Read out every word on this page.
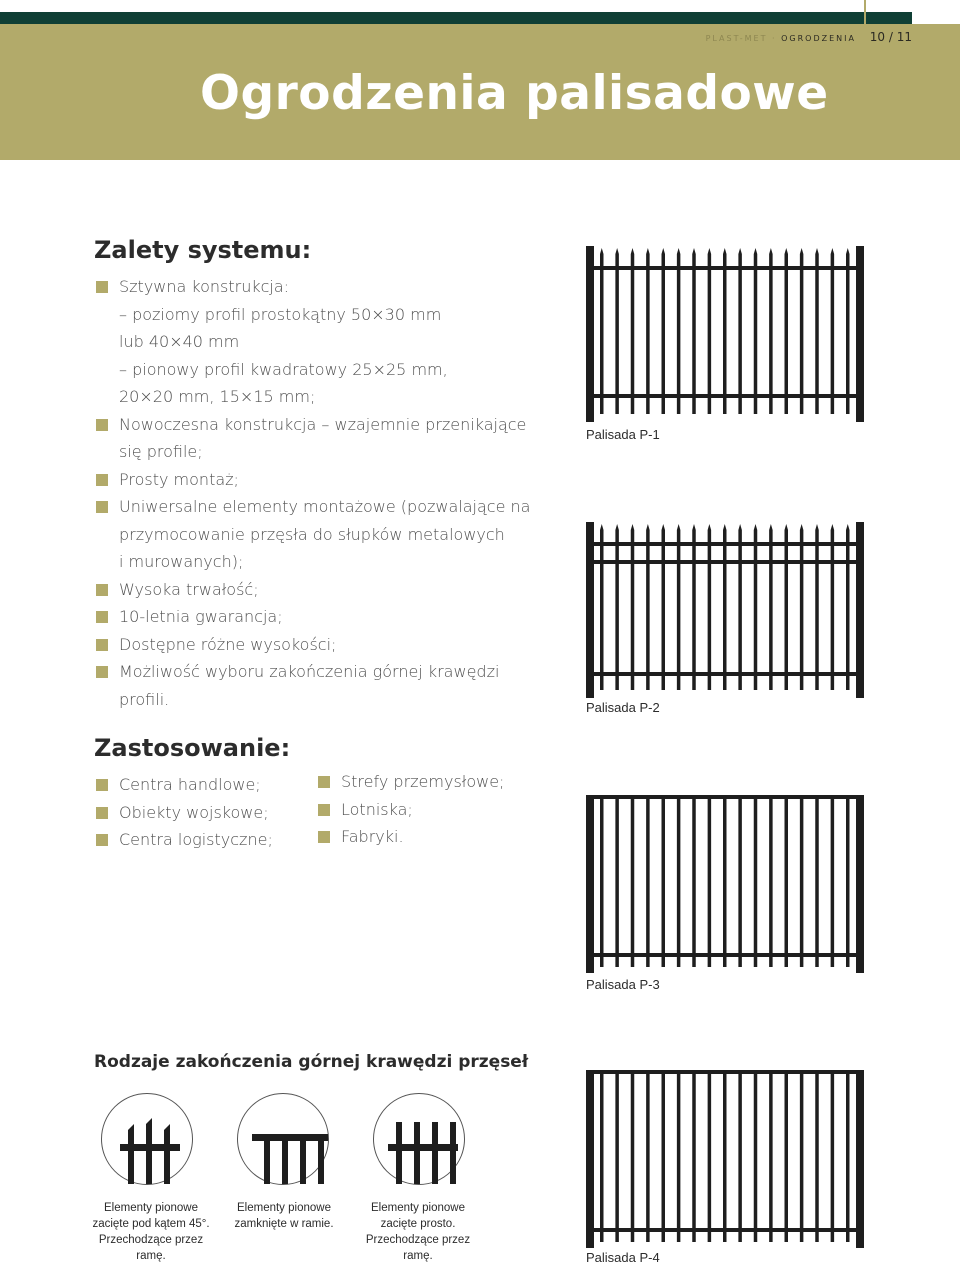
PLAST-MET · OGRODZENIA 10 / 11
Ogrodzenia palisadowe
Zalety systemu:
Sztywna konstrukcja:
– poziomy profil prostokątny 50×30 mm
lub 40×40 mm
– pionowy profil kwadratowy 25×25 mm,
20×20 mm, 15×15 mm;
Nowoczesna konstrukcja – wzajemnie przenikające
się profile;
Prosty montaż;
Uniwersalne elementy montażowe (pozwalające na
przymocowanie przęsła do słupków metalowych
i murowanych);
Wysoka trwałość;
10-letnia gwarancja;
Dostępne różne wysokości;
Możliwość wyboru zakończenia górnej krawędzi
profili.
Zastosowanie:
Centra handlowe;
Obiekty wojskowe;
Centra logistyczne;
Strefy przemysłowe;
Lotniska;
Fabryki.
Rodzaje zakończenia górnej krawędzi przęseł
Elementy pionowe zacięte pod kątem 45°. Przechodzące przez ramę.
Elementy pionowe zamknięte w ramie.
Elementy pionowe zacięte prosto. Przechodzące przez ramę.
Palisada P-1
Palisada P-2
Palisada P-3
Palisada P-4
